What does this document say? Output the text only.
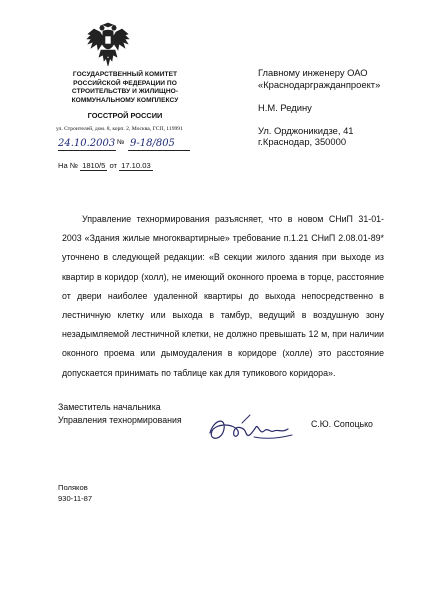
ГОСУДАРСТВЕННЫЙ КОМИТЕТ
РОССИЙСКОЙ ФЕДЕРАЦИИ ПО
СТРОИТЕЛЬСТВУ И ЖИЛИЩНО-
КОММУНАЛЬНОМУ КОМПЛЕКСУ
ГОССТРОЙ РОССИИ
ул. Строителей, дом. 8, корп. 2, Москва, ГСП, 119991
24.10.2003 № 9-18/805
На № 1810/5 от 17.10.03
Главному инженеру ОАО
«Краснодаргражданпроект»

Н.М. Редину

Ул. Орджоникидзе, 41
г.Краснодар, 350000
Управление технормирования разъясняет, что в новом СНиП 31-01-
2003 «Здания жилые многоквартирные» требование п.1.21 СНиП 2.08.01-89*
уточнено в следующей редакции: «В секции жилого здания при выходе из
квартир в коридор (холл), не имеющий оконного проема в торце, расстояние
от двери наиболее удаленной квартиры до выхода непосредственно в
лестничную клетку или выхода в тамбур, ведущий в воздушную зону
незадымляемой лестничной клетки, не должно превышать 12 м, при наличии
оконного проема или дымоудаления в коридоре (холле) это расстояние
допускается принимать по таблице как для тупикового коридора».
Заместитель начальника
Управления технормирования	С.Ю. Сопоцько
Поляков
930-11-87
